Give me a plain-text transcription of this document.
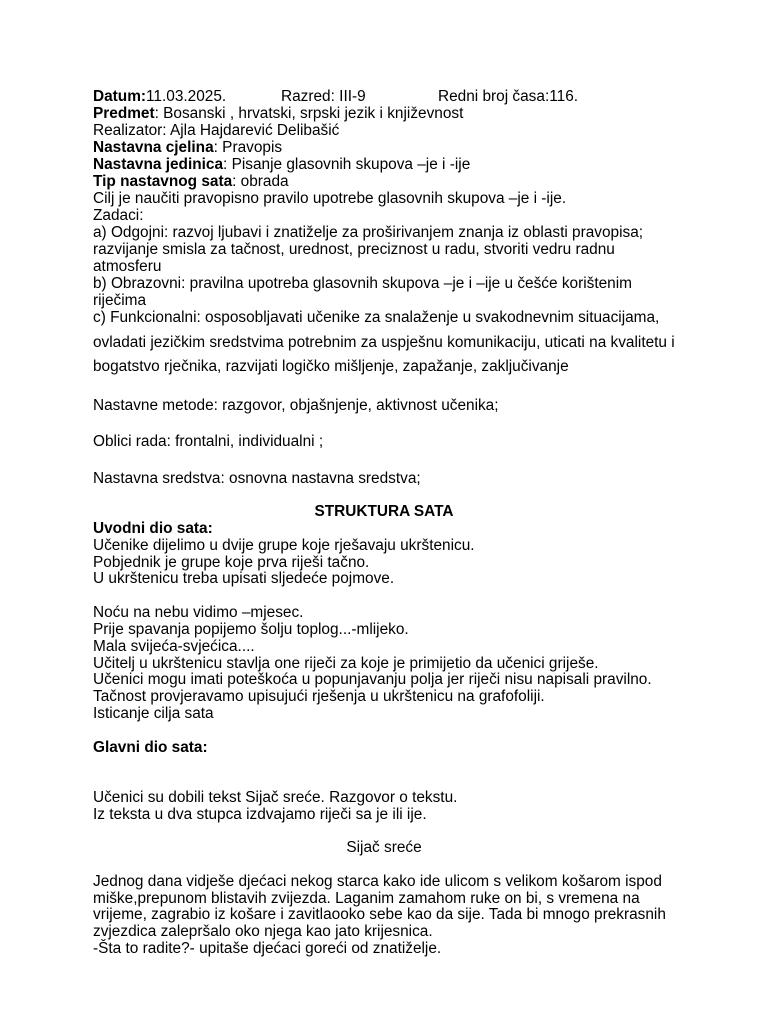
Datum:11.03.2025.	Razred: III-9	Redni broj časa:116.
Predmet: Bosanski , hrvatski, srpski jezik i književnost
Realizator: Ajla Hajdarević Delibašić
Nastavna cjelina: Pravopis
Nastavna jedinica: Pisanje glasovnih skupova –je i -ije
Tip nastavnog sata: obrada
Cilj je naučiti pravopisno pravilo upotrebe glasovnih skupova –je i -ije.
Zadaci:
a) Odgojni: razvoj ljubavi i znatiželje za proširivanjem znanja iz oblasti pravopisa;
razvijanje smisla za tačnost, urednost, preciznost u radu, stvoriti vedru radnu
atmosferu
b) Obrazovni: pravilna upotreba glasovnih skupova –je i –ije u češće korištenim
riječima
c) Funkcionalni: osposobljavati učenike za snalaženje u svakodnevnim situacijama,
ovladati jezičkim sredstvima potrebnim za uspješnu komunikaciju, uticati na kvalitetu i
bogatstvo rječnika, razvijati logičko mišljenje, zapažanje, zaključivanje
Nastavne metode: razgovor, objašnjenje, aktivnost učenika;
Oblici rada: frontalni, individualni ;
Nastavna sredstva: osnovna nastavna sredstva;
STRUKTURA SATA
Uvodni dio sata:
Učenike dijelimo u dvije grupe koje rješavaju ukrštenicu.
Pobjednik je grupe koje prva riješi tačno.
U ukrštenicu treba upisati sljedeće pojmove.
Noću na nebu vidimo –mjesec.
Prije spavanja popijemo šolju toplog...-mlijeko.
Mala svijeća-svjećica....
Učitelj u ukrštenicu stavlja one riječi za koje je primijetio da učenici griješe.
Učenici mogu imati poteškoća u popunjavanju polja jer riječi nisu napisali pravilno.
Tačnost provjeravamo upisujući rješenja u ukrštenicu na grafofoliji.
Isticanje cilja sata
Glavni dio sata:
Učenici su dobili tekst Sijač sreće. Razgovor o tekstu.
Iz teksta u dva stupca izdvajamo riječi sa je ili ije.
Sijač sreće
Jednog dana vidješe djećaci nekog starca kako ide ulicom s velikom košarom ispod
miške,prepunom blistavih zvijezda. Laganim zamahom ruke on bi, s vremena na
vrijeme, zagrabio iz košare i zavitlaooko sebe kao da sije. Tada bi mnogo prekrasnih
zvjezdica zalepršalo oko njega kao jato krijesnica.
-Šta to radite?- upitaše djećaci goreći od znatiželje.
